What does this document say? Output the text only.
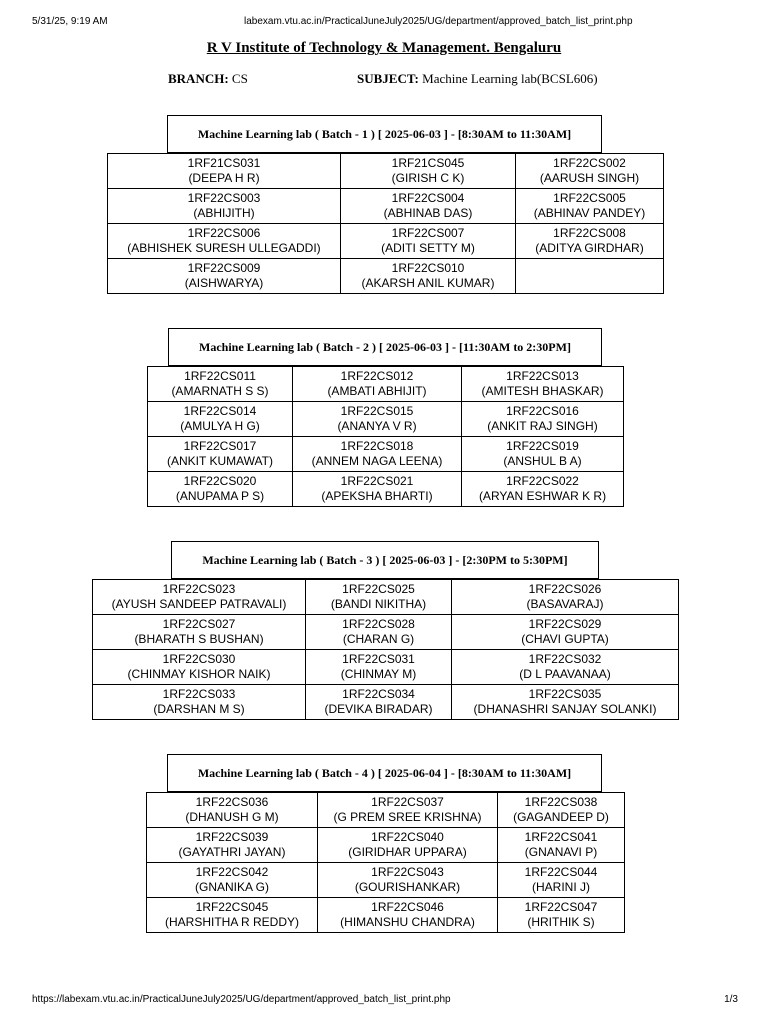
5/31/25, 9:19 AM	labexam.vtu.ac.in/PracticalJuneJuly2025/UG/department/approved_batch_list_print.php
R V Institute of Technology & Management. Bengaluru
BRANCH: CS	SUBJECT: Machine Learning lab(BCSL606)
Machine Learning lab ( Batch - 1 ) [ 2025-06-03 ] - [8:30AM to 11:30AM]
1RF21CS031
(DEEPA H R)	1RF21CS045
(GIRISH C K)	1RF22CS002
(AARUSH SINGH)

1RF22CS003
(ABHIJITH)	1RF22CS004
(ABHINAB DAS)	1RF22CS005
(ABHINAV PANDEY)

1RF22CS006
(ABHISHEK SURESH ULLEGADDI)	1RF22CS007
(ADITI SETTY M)	1RF22CS008
(ADITYA GIRDHAR)

1RF22CS009
(AISHWARYA)	1RF22CS010
(AKARSH ANIL KUMAR)	

Machine Learning lab ( Batch - 2 ) [ 2025-06-03 ] - [11:30AM to 2:30PM]
1RF22CS011
(AMARNATH S S)	1RF22CS012
(AMBATI ABHIJIT)	1RF22CS013
(AMITESH BHASKAR)

1RF22CS014
(AMULYA H G)	1RF22CS015
(ANANYA V R)	1RF22CS016
(ANKIT RAJ SINGH)

1RF22CS017
(ANKIT KUMAWAT)	1RF22CS018
(ANNEM NAGA LEENA)	1RF22CS019
(ANSHUL B A)

1RF22CS020
(ANUPAMA P S)	1RF22CS021
(APEKSHA BHARTI)	1RF22CS022
(ARYAN ESHWAR K R)
Machine Learning lab ( Batch - 3 ) [ 2025-06-03 ] - [2:30PM to 5:30PM]
1RF22CS023
(AYUSH SANDEEP PATRAVALI)	1RF22CS025
(BANDI NIKITHA)	1RF22CS026
(BASAVARAJ)

1RF22CS027
(BHARATH S BUSHAN)	1RF22CS028
(CHARAN G)	1RF22CS029
(CHAVI GUPTA)

1RF22CS030
(CHINMAY KISHOR NAIK)	1RF22CS031
(CHINMAY M)	1RF22CS032
(D L PAAVANAA)

1RF22CS033
(DARSHAN M S)	1RF22CS034
(DEVIKA BIRADAR)	1RF22CS035
(DHANASHRI SANJAY SOLANKI)
Machine Learning lab ( Batch - 4 ) [ 2025-06-04 ] - [8:30AM to 11:30AM]
1RF22CS036
(DHANUSH G M)	1RF22CS037
(G PREM SREE KRISHNA)	1RF22CS038
(GAGANDEEP D)

1RF22CS039
(GAYATHRI JAYAN)	1RF22CS040
(GIRIDHAR UPPARA)	1RF22CS041
(GNANAVI P)

1RF22CS042
(GNANIKA G)	1RF22CS043
(GOURISHANKAR)	1RF22CS044
(HARINI J)

1RF22CS045
(HARSHITHA R REDDY)	1RF22CS046
(HIMANSHU CHANDRA)	1RF22CS047
(HRITHIK S)
https://labexam.vtu.ac.in/PracticalJuneJuly2025/UG/department/approved_batch_list_print.php	1/3
